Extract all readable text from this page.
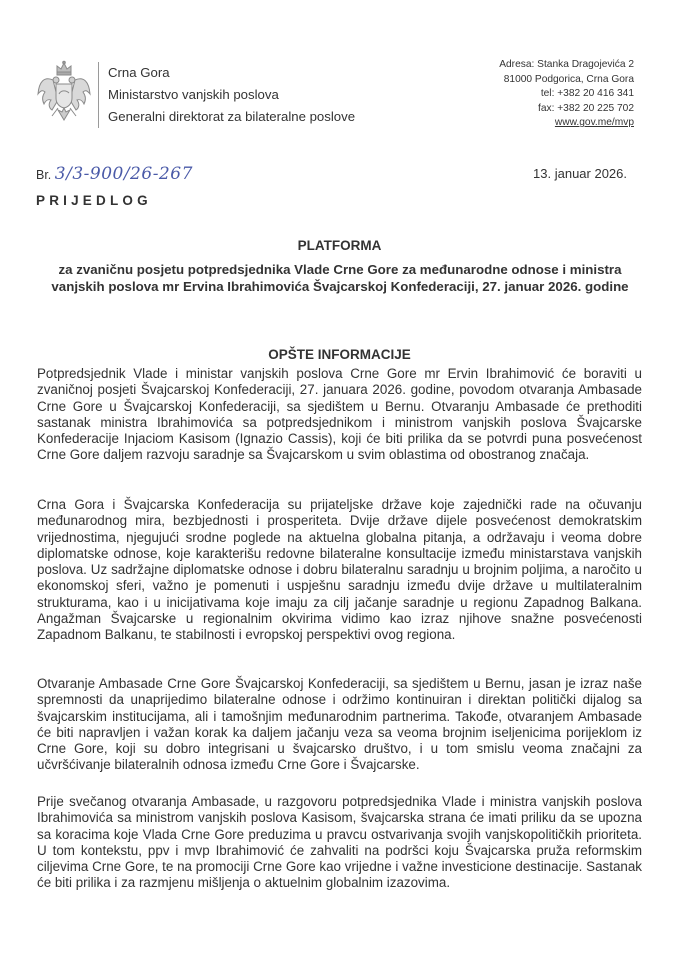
Crna Gora
Ministarstvo vanjskih poslova
Generalni direktorat za bilateralne poslove
Adresa: Stanka Dragojevića 2
81000 Podgorica, Crna Gora
tel: +382 20 416 341
fax: +382 20 225 702
www.gov.me/mvp
Br. 3/3-900/26-267	13. januar 2026.
PRIJEDLOG
PLATFORMA
za zvaničnu posjetu potpredsjednika Vlade Crne Gore za međunarodne odnose i ministra vanjskih poslova mr Ervina Ibrahimovića Švajcarskoj Konfederaciji, 27. januar 2026. godine
OPŠTE INFORMACIJE

Potpredsjednik Vlade i ministar vanjskih poslova Crne Gore mr Ervin Ibrahimović će boraviti u zvaničnoj posjeti Švajcarskoj Konfederaciji, 27. januara 2026. godine, povodom otvaranja Ambasade Crne Gore u Švajcarskoj Konfederaciji, sa sjedištem u Bernu. Otvaranju Ambasade će prethoditi sastanak ministra Ibrahimovića sa potpredsjednikom i ministrom vanjskih poslova Švajcarske Konfederacije Injaciom Kasisom (Ignazio Cassis), koji će biti prilika da se potvrdi puna posvećenost Crne Gore daljem razvoju saradnje sa Švajcarskom u svim oblastima od obostranog značaja.

Crna Gora i Švajcarska Konfederacija su prijateljske države koje zajednički rade na očuvanju međunarodnog mira, bezbjednosti i prosperiteta. Dvije države dijele posvećenost demokratskim vrijednostima, njegujući srodne poglede na aktuelna globalna pitanja, a održavaju i veoma dobre diplomatske odnose, koje karakterišu redovne bilateralne konsultacije između ministarstava vanjskih poslova. Uz sadržajne diplomatske odnose i dobru bilateralnu saradnju u brojnim poljima, a naročito u ekonomskoj sferi, važno je pomenuti i uspješnu saradnju između dvije države u multilateralnim strukturama, kao i u inicijativama koje imaju za cilj jačanje saradnje u regionu Zapadnog Balkana. Angažman Švajcarske u regionalnim okvirima vidimo kao izraz njihove snažne posvećenosti Zapadnom Balkanu, te stabilnosti i evropskoj perspektivi ovog regiona.

Otvaranje Ambasade Crne Gore Švajcarskoj Konfederaciji, sa sjedištem u Bernu, jasan je izraz naše spremnosti da unaprijedimo bilateralne odnose i održimo kontinuiran i direktan politički dijalog sa švajcarskim institucijama, ali i tamošnjim međunarodnim partnerima. Takođe, otvaranjem Ambasade će biti napravljen i važan korak ka daljem jačanju veza sa veoma brojnim iseljenicima porijeklom iz Crne Gore, koji su dobro integrisani u švajcarsko društvo, i u tom smislu veoma značajni za učvršćivanje bilateralnih odnosa između Crne Gore i Švajcarske.

Prije svečanog otvaranja Ambasade, u razgovoru potpredsjednika Vlade i ministra vanjskih poslova Ibrahimovića sa ministrom vanjskih poslova Kasisom, švajcarska strana će imati priliku da se upozna sa koracima koje Vlada Crne Gore preduzima u pravcu ostvarivanja svojih vanjskopolitičkih prioriteta. U tom kontekstu, ppv i mvp Ibrahimović će zahvaliti na podršci koju Švajcarska pruža reformskim ciljevima Crne Gore, te na promociji Crne Gore kao vrijedne i važne investicione destinacije. Sastanak će biti prilika i za razmjenu mišljenja o aktuelnim globalnim izazovima.
